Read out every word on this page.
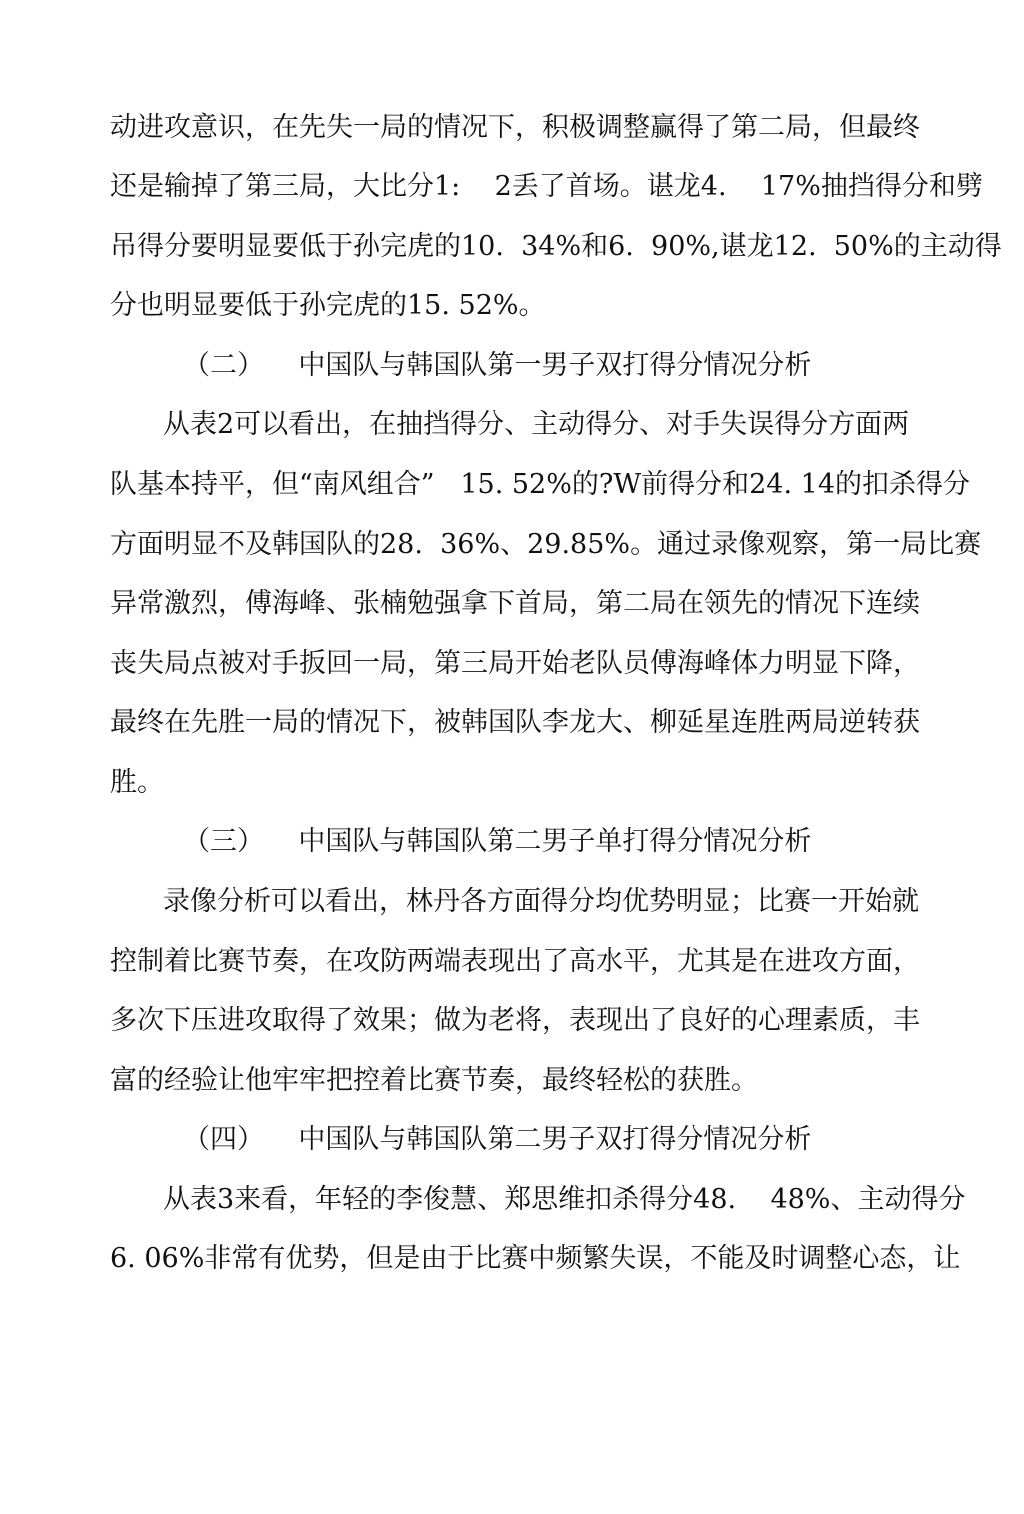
动进攻意识，在先失一局的情况下，积极调整赢得了第二局，但最终
还是输掉了第三局，大比分1:    2丢了首场。谌龙4.    17%抽挡得分和劈
吊得分要明显要低于孙完虎的10.  34%和6.  90%,谌龙12.  50%的主动得
分也明显要低于孙完虎的15. 52%。
（二）    中国队与韩国队第一男子双打得分情况分析
从表2可以看出，在抽挡得分、主动得分、对手失误得分方面两
队基本持平，但“南风组合”   15. 52%的?W前得分和24. 14的扣杀得分
方面明显不及韩国队的28.  36%、29.85%。通过录像观察，第一局比赛
异常激烈，傅海峰、张楠勉强拿下首局，第二局在领先的情况下连续
丧失局点被对手扳回一局，第三局开始老队员傅海峰体力明显下降，
最终在先胜一局的情况下，被韩国队李龙大、柳延星连胜两局逆转获
胜。
（三）    中国队与韩国队第二男子单打得分情况分析
录像分析可以看出，林丹各方面得分均优势明显；比赛一开始就
控制着比赛节奏，在攻防两端表现出了高水平，尤其是在进攻方面，
多次下压进攻取得了效果；做为老将，表现出了良好的心理素质，丰
富的经验让他牢牢把控着比赛节奏，最终轻松的获胜。
（四）    中国队与韩国队第二男子双打得分情况分析
从表3来看，年轻的李俊慧、郑思维扣杀得分48.    48%、主动得分
6. 06%非常有优势，但是由于比赛中频繁失误，不能及时调整心态，让
